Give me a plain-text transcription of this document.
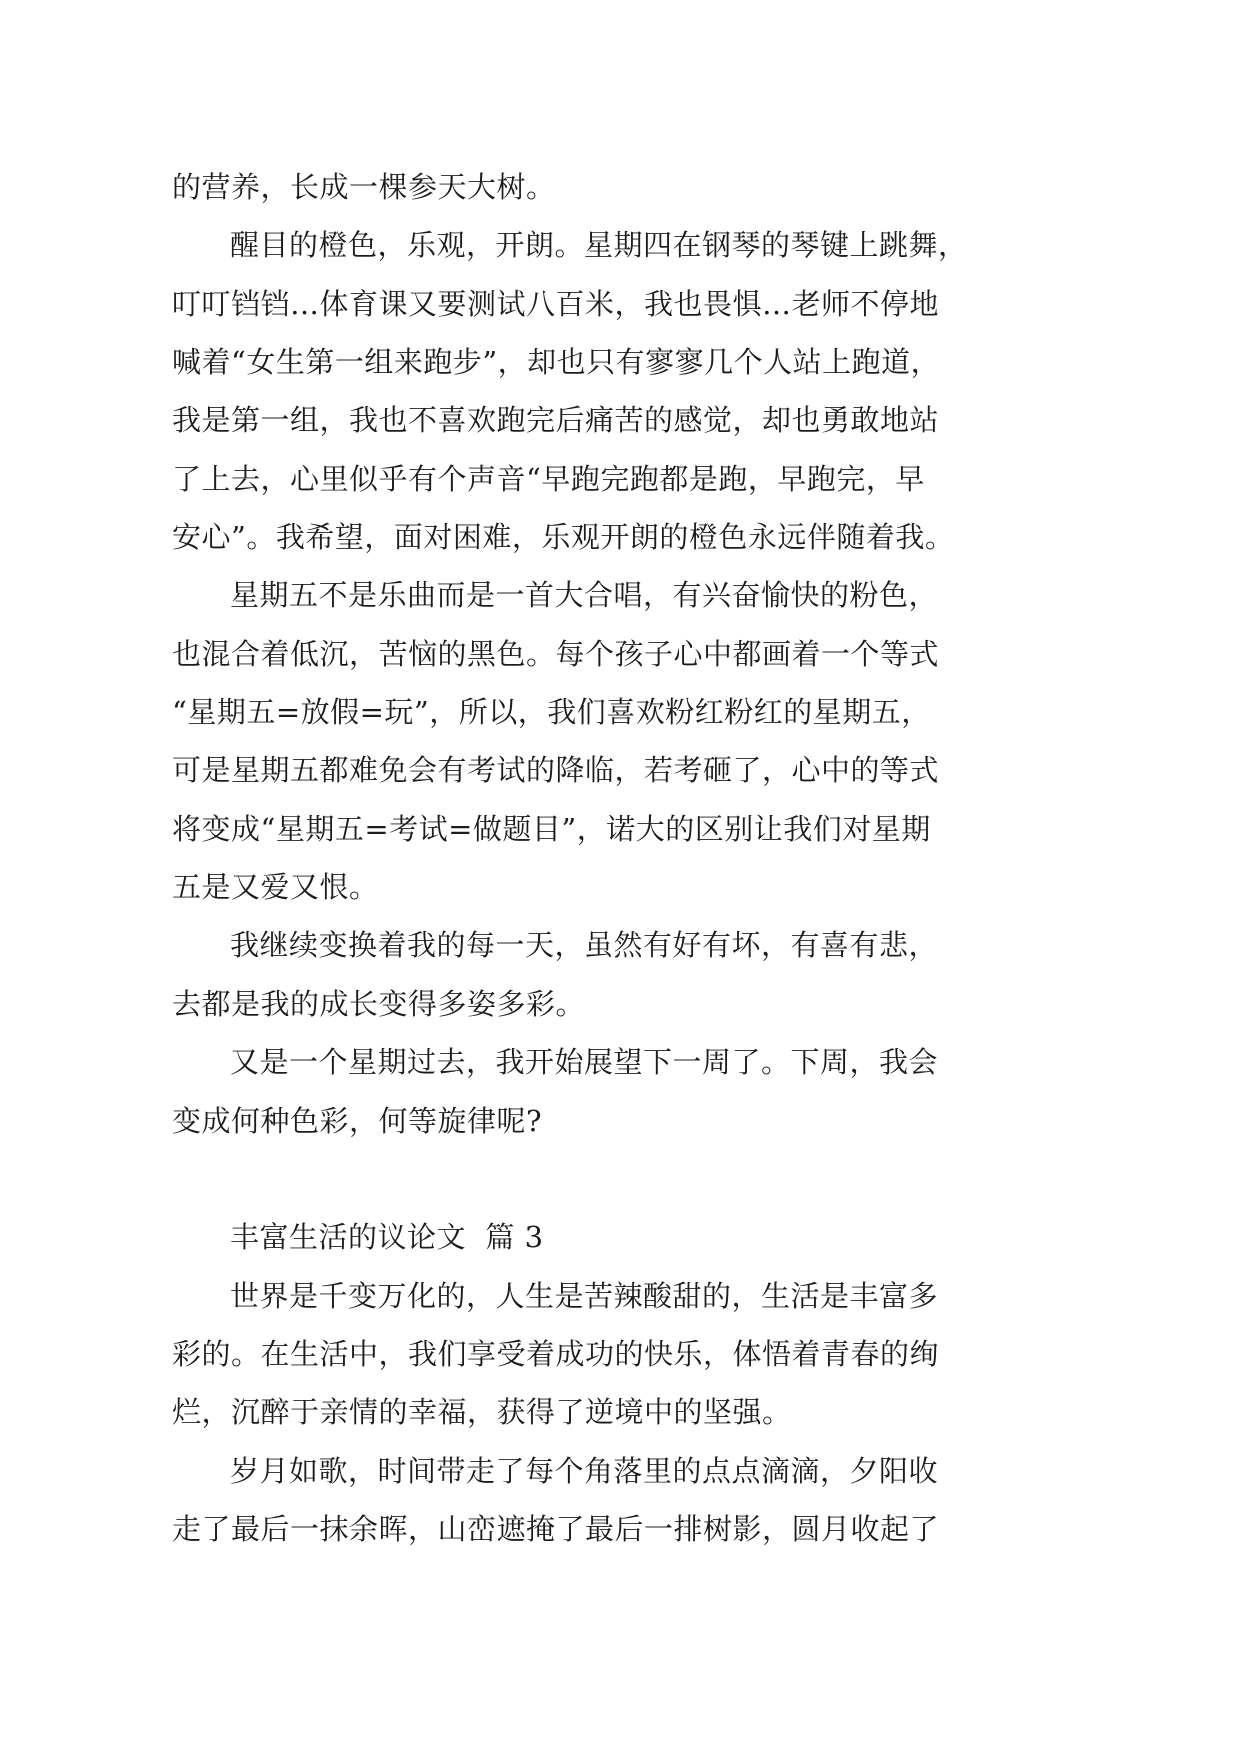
的营养，长成一棵参天大树。
醒目的橙色，乐观，开朗。星期四在钢琴的琴键上跳舞，
叮叮铛铛…体育课又要测试八百米，我也畏惧…老师不停地
喊着“女生第一组来跑步”，却也只有寥寥几个人站上跑道，
我是第一组，我也不喜欢跑完后痛苦的感觉，却也勇敢地站
了上去，心里似乎有个声音“早跑完跑都是跑，早跑完，早
安心”。我希望，面对困难，乐观开朗的橙色永远伴随着我。
星期五不是乐曲而是一首大合唱，有兴奋愉快的粉色，
也混合着低沉，苦恼的黑色。每个孩子心中都画着一个等式
“星期五=放假=玩”，所以，我们喜欢粉红粉红的星期五，
可是星期五都难免会有考试的降临，若考砸了，心中的等式
将变成“星期五=考试=做题目”，诺大的区别让我们对星期
五是又爱又恨。
我继续变换着我的每一天，虽然有好有坏，有喜有悲，
去都是我的成长变得多姿多彩。
又是一个星期过去，我开始展望下一周了。下周，我会
变成何种色彩，何等旋律呢?
丰富生活的议论文  篇 3
世界是千变万化的，人生是苦辣酸甜的，生活是丰富多
彩的。在生活中，我们享受着成功的快乐，体悟着青春的绚
烂，沉醉于亲情的幸福，获得了逆境中的坚强。
岁月如歌，时间带走了每个角落里的点点滴滴，夕阳收
走了最后一抹余晖，山峦遮掩了最后一排树影，圆月收起了
